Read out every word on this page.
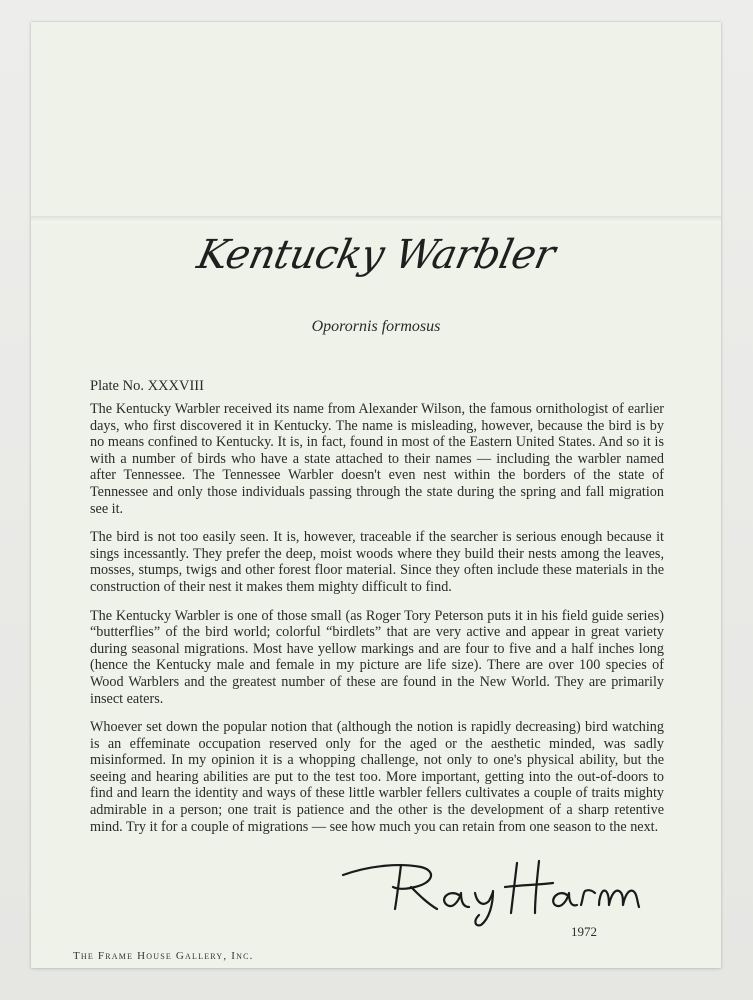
Kentucky Warbler
Oporornis formosus
Plate No. XXXVIII

The Kentucky Warbler received its name from Alexander Wilson, the famous ornithologist of earlier days, who first discovered it in Kentucky. The name is misleading, however, because the bird is by no means confined to Kentucky. It is, in fact, found in most of the Eastern United States. And so it is with a number of birds who have a state attached to their names — including the warbler named after Tennessee. The Tennessee Warbler doesn't even nest within the borders of the state of Tennessee and only those individuals passing through the state during the spring and fall migration see it.

The bird is not too easily seen. It is, however, traceable if the searcher is serious enough because it sings incessantly. They prefer the deep, moist woods where they build their nests among the leaves, mosses, stumps, twigs and other forest floor material. Since they often include these materials in the construction of their nest it makes them mighty difficult to find.

The Kentucky Warbler is one of those small (as Roger Tory Peterson puts it in his field guide series) “butterflies” of the bird world; colorful “birdlets” that are very active and appear in great variety during seasonal migrations. Most have yellow markings and are four to five and a half inches long (hence the Kentucky male and female in my picture are life size). There are over 100 species of Wood Warblers and the greatest number of these are found in the New World. They are primarily insect eaters.

Whoever set down the popular notion that (although the notion is rapidly decreasing) bird watching is an effeminate occupation reserved only for the aged or the aesthetic minded, was sadly misinformed. In my opinion it is a whopping challenge, not only to one's physical ability, but the seeing and hearing abilities are put to the test too. More important, getting into the out-of-doors to find and learn the identity and ways of these little warbler fellers cultivates a couple of traits mighty admirable in a person; one trait is patience and the other is the development of a sharp retentive mind. Try it for a couple of migrations — see how much you can retain from one season to the next.

1972
The Frame House Gallery, Inc.
